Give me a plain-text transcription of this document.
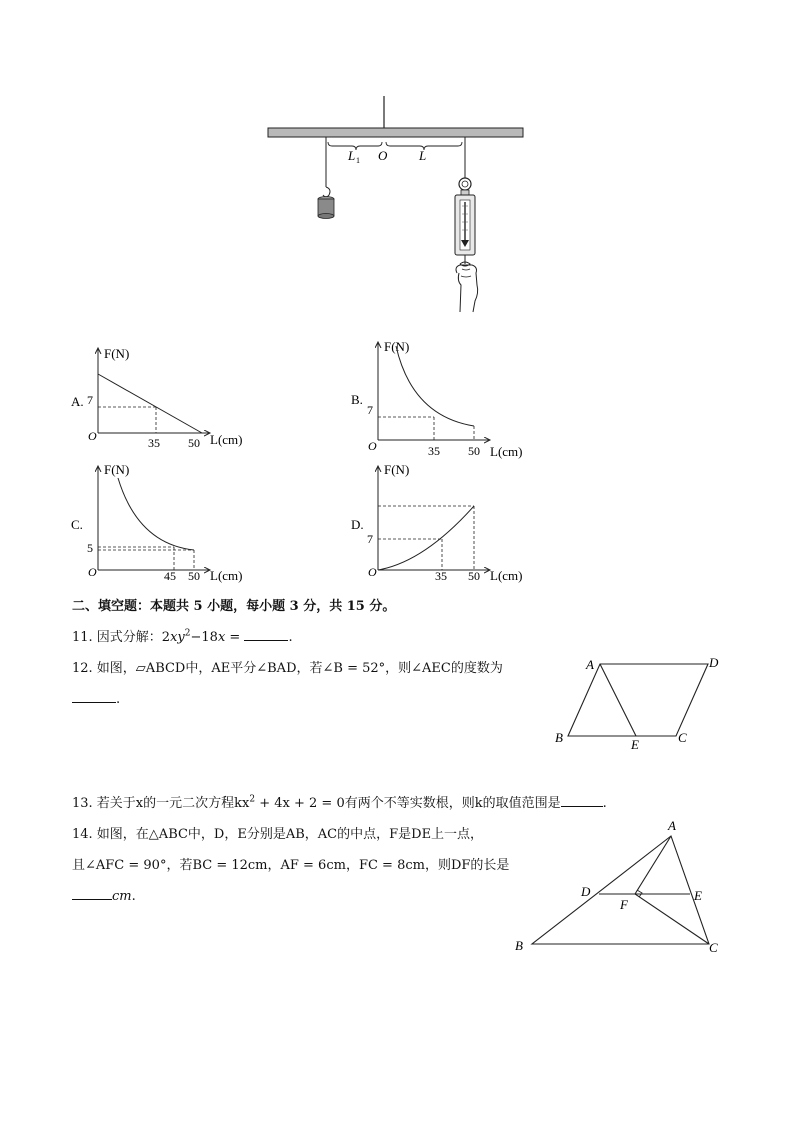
L 1 O L
A.
F(N)
L(cm)
O
7
35 50
B.
F(N)
L(cm)
O
7
35 50
C.
F(N)
L(cm)
O
5
45 50
D.
F(N)
L(cm)
O
7
35 50
二、填空题：本题共 5 小题，每小题 3 分，共 15 分。
11. 因式分解：$2xy^2-18x$ =	.
12. 如图，▱ABCD中，AE平分∠BAD，若∠B = 52°，则∠AEC的度数为
.
A	D
B	E	C
13. 若关于x的一元二次方程$kx^2 + 4x + 2 = 0$有两个不等实数根，则k的取值范围是	.
14. 如图，在△ABC中，D，E分别是AB，AC的中点，F是DE上一点，
且∠AFC = 90°，若BC = 12cm，AF = 6cm，FC = 8cm，则DF的长是
cm.
A
D	E
F
B	C
